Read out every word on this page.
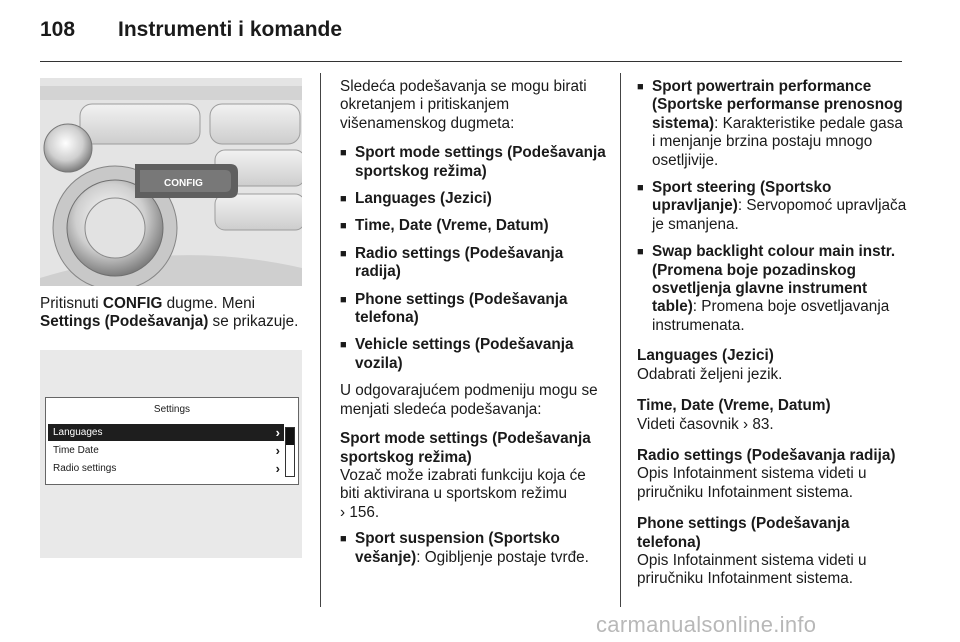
108 Instrumenti i komande
CONFIG

Pritisnuti CONFIG dugme. Meni Settings (Podešavanja) se prikazuje.

Settings
Languages	›
Time Date	›
Radio settings	›

Sledeća podešavanja se mogu birati okretanjem i pritiskanjem višenamenskog dugmeta:

■ Sport mode settings (Podešavanja sportskog režima)
■ Languages (Jezici)
■ Time, Date (Vreme, Datum)
■ Radio settings (Podešavanja radija)
■ Phone settings (Podešavanja telefona)
■ Vehicle settings (Podešavanja vozila)

U odgovarajućem podmeniju mogu se menjati sledeća podešavanja:

Sport mode settings (Podešavanja sportskog režima)
Vozač može izabrati funkciju koja će biti aktivirana u sportskom režimu
› 156.

■ Sport suspension (Sportsko vešanje): Ogibljenje postaje tvrđe.
■ Sport powertrain performance (Sportske performanse prenosnog sistema): Karakteristike pedale gasa i menjanje brzina postaju mnogo osetljivije.
■ Sport steering (Sportsko upravljanje): Servopomoć upravljača je smanjena.
■ Swap backlight colour main instr. (Promena boje pozadinskog osvetljenja glavne instrument table): Promena boje osvetljavanja instrumenata.

Languages (Jezici)
Odabrati željeni jezik.

Time, Date (Vreme, Datum)
Videti časovnik › 83.

Radio settings (Podešavanja radija)
Opis Infotainment sistema videti u priručniku Infotainment sistema.

Phone settings (Podešavanja telefona)
Opis Infotainment sistema videti u priručniku Infotainment sistema.

carmanualsonline.info
